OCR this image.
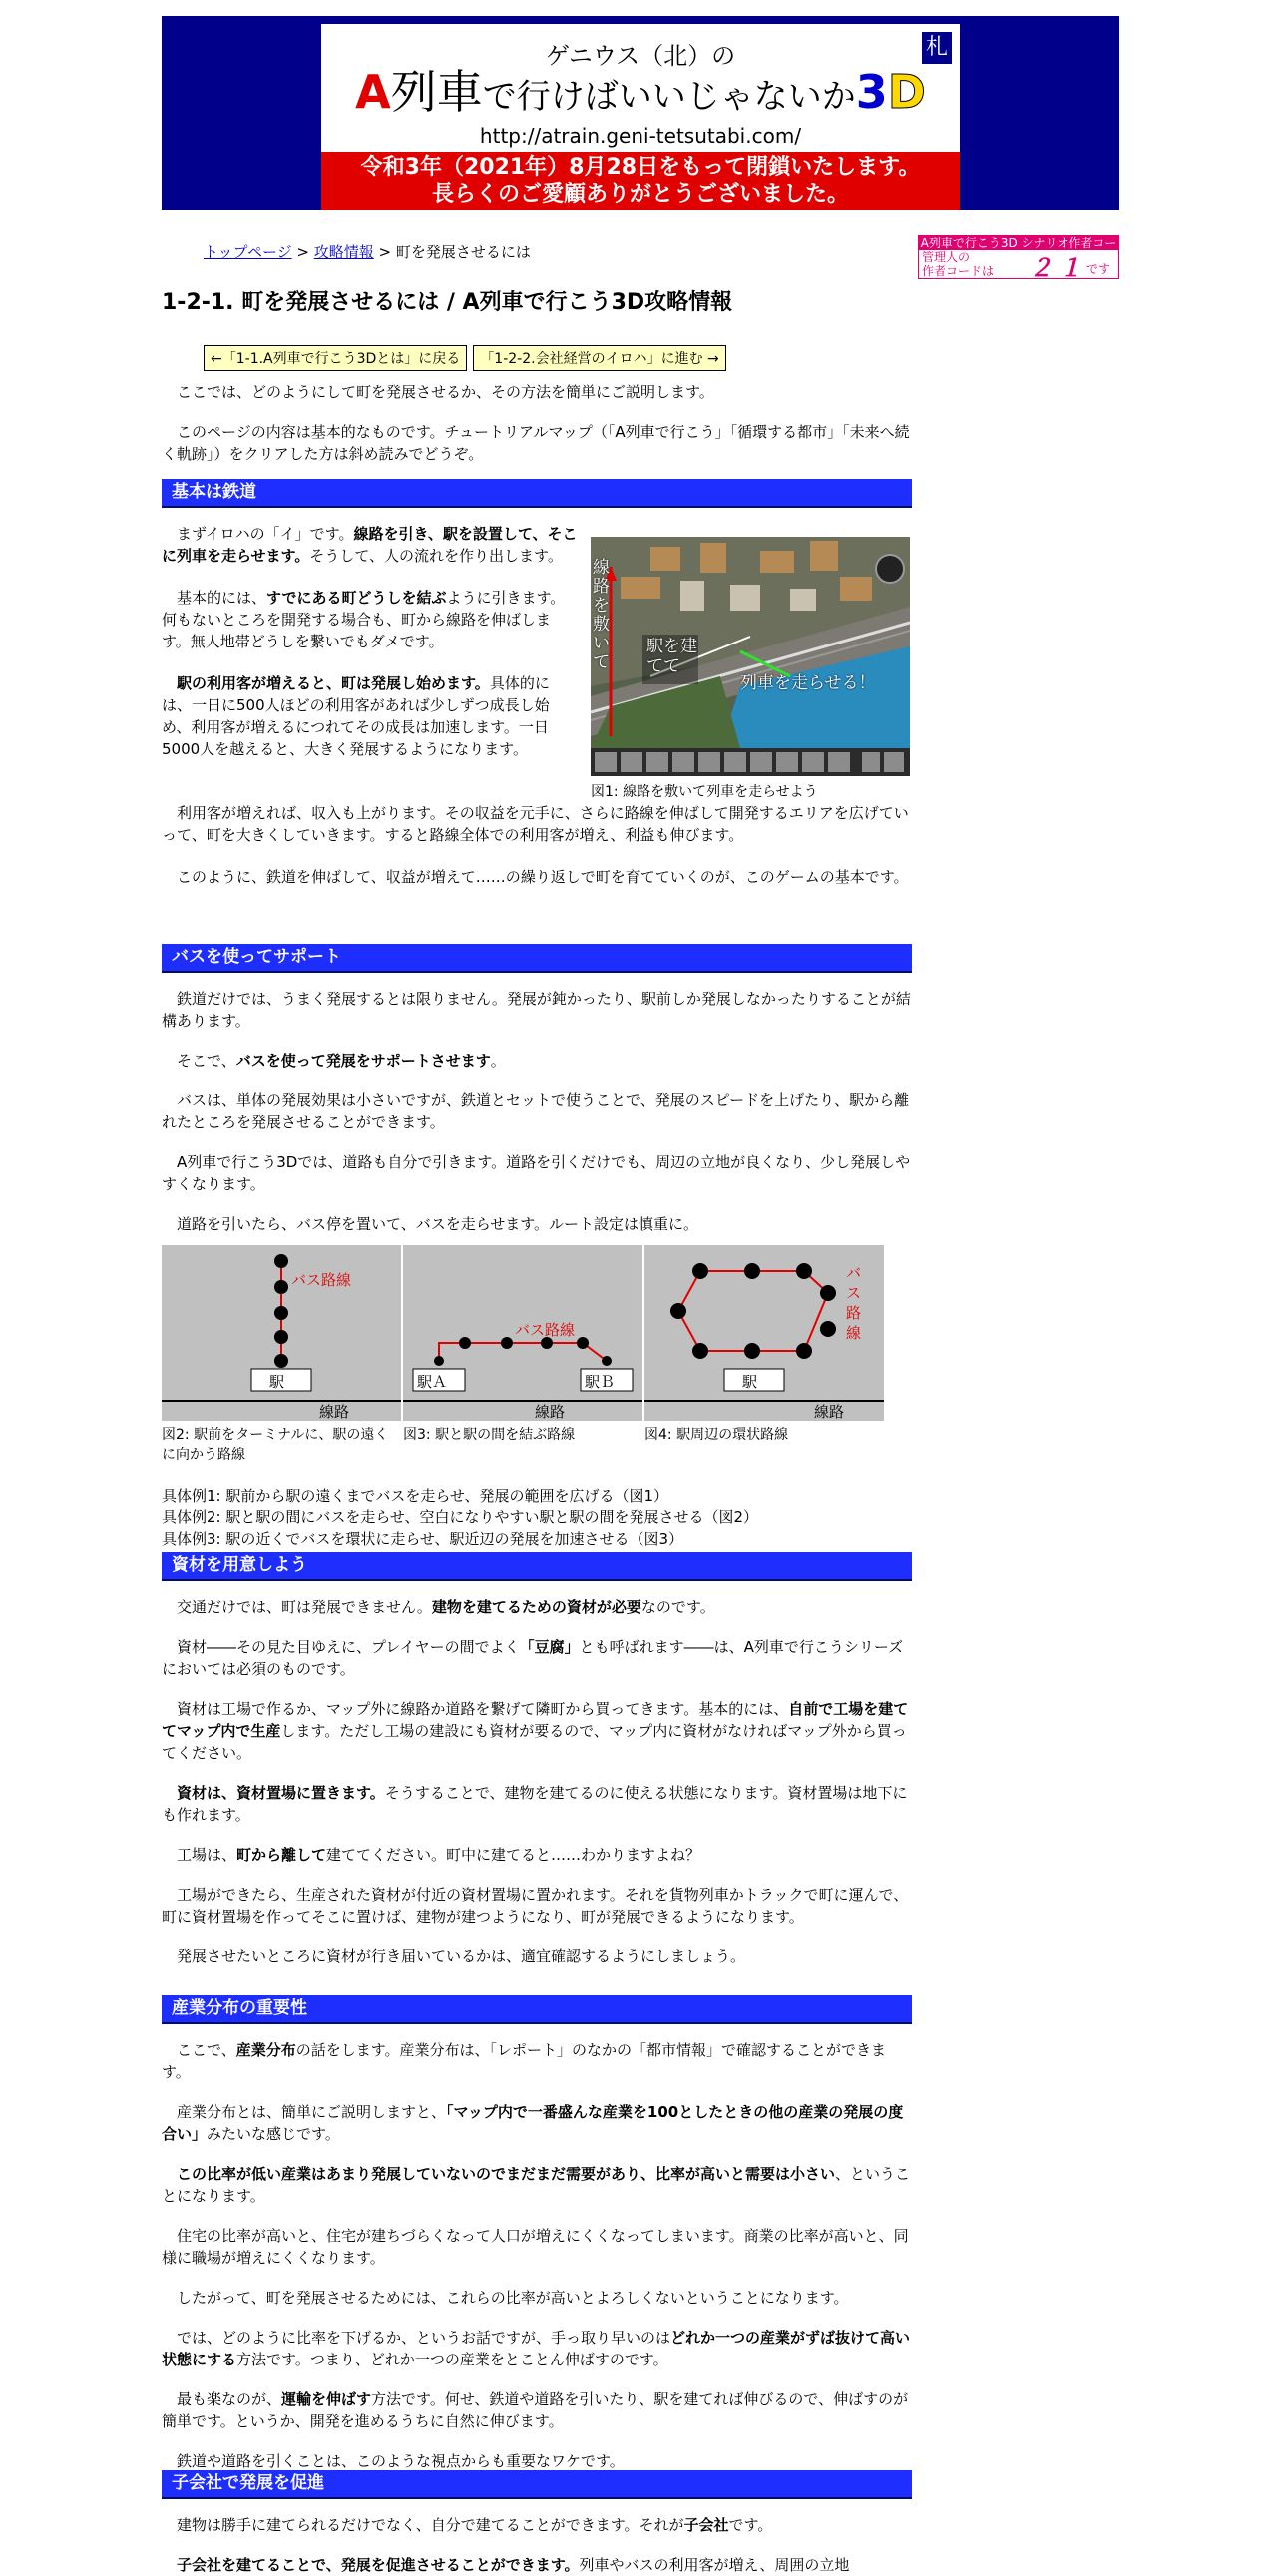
ゲニウス（北）の
A列車で行けばいいじゃないか3D
http://atrain.geni-tetsutabi.com/
札
令和3年（2021年）8月28日をもって閉鎖いたします。
長らくのご愛顧ありがとうございました。
トップページ > 攻略情報 > 町を発展させるには	A列車で行こう3D シナリオ作者コード
管理人の
作者コードは ２１
です
1-2-1. 町を発展させるには / A列車で行こう3D攻略情報
←「1-1.A列車で行こう3Dとは」に戻る 「1-2-2.会社経営のイロハ」に進む →

ここでは、どのようにして町を発展させるか、その方法を簡単にご説明します。

このページの内容は基本的なものです。チュートリアルマップ（「A列車で行こう」「循環する都市」「未来へ続く軌跡」）をクリアした方は斜め読みでどうぞ。

基本は鉄道

まずイロハの「イ」です。線路を引き、駅を設置して、そこに列車を走らせます。そうして、人の流れを作り出します。

基本的には、すでにある町どうしを結ぶように引きます。何もないところを開発する場合も、町から線路を伸ばします。無人地帯どうしを繋いでもダメです。

駅の利用客が増えると、町は発展し始めます。具体的には、一日に500人ほどの利用客があれば少しずつ成長し始め、利用客が増えるにつれてその成長は加速します。一日5000人を越えると、大きく発展するようになります。

線路を敷いて
駅を建てて
列車を走らせる！
図1: 線路を敷いて列車を走らせよう

利用客が増えれば、収入も上がります。その収益を元手に、さらに路線を伸ばして開発するエリアを広げていって、町を大きくしていきます。すると路線全体での利用客が増え、利益も伸びます。

このように、鉄道を伸ばして、収益が増えて……の繰り返しで町を育てていくのが、このゲームの基本です。

バスを使ってサポート

鉄道だけでは、うまく発展するとは限りません。発展が鈍かったり、駅前しか発展しなかったりすることが結構あります。

そこで、バスを使って発展をサポートさせます。

バスは、単体の発展効果は小さいですが、鉄道とセットで使うことで、発展のスピードを上げたり、駅から離れたところを発展させることができます。

A列車で行こう3Dでは、道路も自分で引きます。道路を引くだけでも、周辺の立地が良くなり、少し発展しやすくなります。

道路を引いたら、バス停を置いて、バスを走らせます。ルート設定は慎重に。

バス路線
駅
線路
バス路線
駅Ａ	駅Ｂ
線路
バス路線
駅
線路
図2: 駅前をターミナルに、駅の遠くに向かう路線
図3: 駅と駅の間を結ぶ路線	図4: 駅周辺の環状路線
具体例1: 駅前から駅の遠くまでバスを走らせ、発展の範囲を広げる（図1）
具体例2: 駅と駅の間にバスを走らせ、空白になりやすい駅と駅の間を発展させる（図2）
具体例3: 駅の近くでバスを環状に走らせ、駅近辺の発展を加速させる（図3）
資材を用意しよう

交通だけでは、町は発展できません。建物を建てるための資材が必要なのです。

資材――その見た目ゆえに、プレイヤーの間でよく「豆腐」とも呼ばれます――は、A列車で行こうシリーズにおいては必須のものです。

資材は工場で作るか、マップ外に線路か道路を繋げて隣町から買ってきます。基本的には、自前で工場を建ててマップ内で生産します。ただし工場の建設にも資材が要るので、マップ内に資材がなければマップ外から買ってください。

資材は、資材置場に置きます。そうすることで、建物を建てるのに使える状態になります。資材置場は地下にも作れます。

工場は、町から離して建ててください。町中に建てると……わかりますよね？

工場ができたら、生産された資材が付近の資材置場に置かれます。それを貨物列車かトラックで町に運んで、町に資材置場を作ってそこに置けば、建物が建つようになり、町が発展できるようになります。

発展させたいところに資材が行き届いているかは、適宜確認するようにしましょう。

産業分布の重要性

ここで、産業分布の話をします。産業分布は、「レポート」のなかの「都市情報」で確認することができます。

産業分布とは、簡単にご説明しますと、「マップ内で一番盛んな産業を100としたときの他の産業の発展の度合い」みたいな感じです。

この比率が低い産業はあまり発展していないのでまだまだ需要があり、比率が高いと需要は小さい、ということになります。

住宅の比率が高いと、住宅が建ちづらくなって人口が増えにくくなってしまいます。商業の比率が高いと、同様に職場が増えにくくなります。

したがって、町を発展させるためには、これらの比率が高いとよろしくないということになります。

では、どのように比率を下げるか、というお話ですが、手っ取り早いのはどれか一つの産業がずば抜けて高い状態にする方法です。つまり、どれか一つの産業をとことん伸ばすのです。

最も楽なのが、運輸を伸ばす方法です。何せ、鉄道や道路を引いたり、駅を建てれば伸びるので、伸ばすのが簡単です。というか、開発を進めるうちに自然に伸びます。

鉄道や道路を引くことは、このような視点からも重要なワケです。

子会社で発展を促進

建物は勝手に建てられるだけでなく、自分で建てることができます。それが子会社です。

子会社を建てることで、発展を促進させることができます。列車やバスの利用客が増え、周囲の立地
